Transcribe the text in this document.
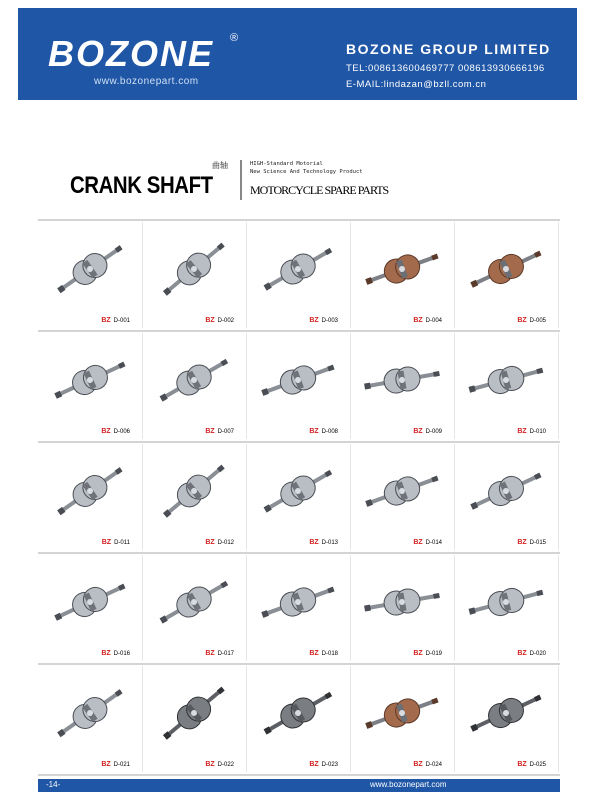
BOZONE ®
www.bozonepart.com
BOZONE GROUP LIMITED
TEL:008613600469777 008613930666196
E-MAIL:lindazan@bzll.com.cn
曲轴
CRANK SHAFT
HIGH-Standard Motorial
New Science And Technology Product
MOTORCYCLE SPARE PARTS
BZ D-001	BZ D-002	BZ D-003	BZ D-004	BZ D-005
BZ D-006	BZ D-007	BZ D-008	BZ D-009	BZ D-010
BZ D-011	BZ D-012	BZ D-013	BZ D-014	BZ D-015
BZ D-016	BZ D-017	BZ D-018	BZ D-019	BZ D-020
BZ D-021	BZ D-022	BZ D-023	BZ D-024	BZ D-025
-14-	www.bozonepart.com
